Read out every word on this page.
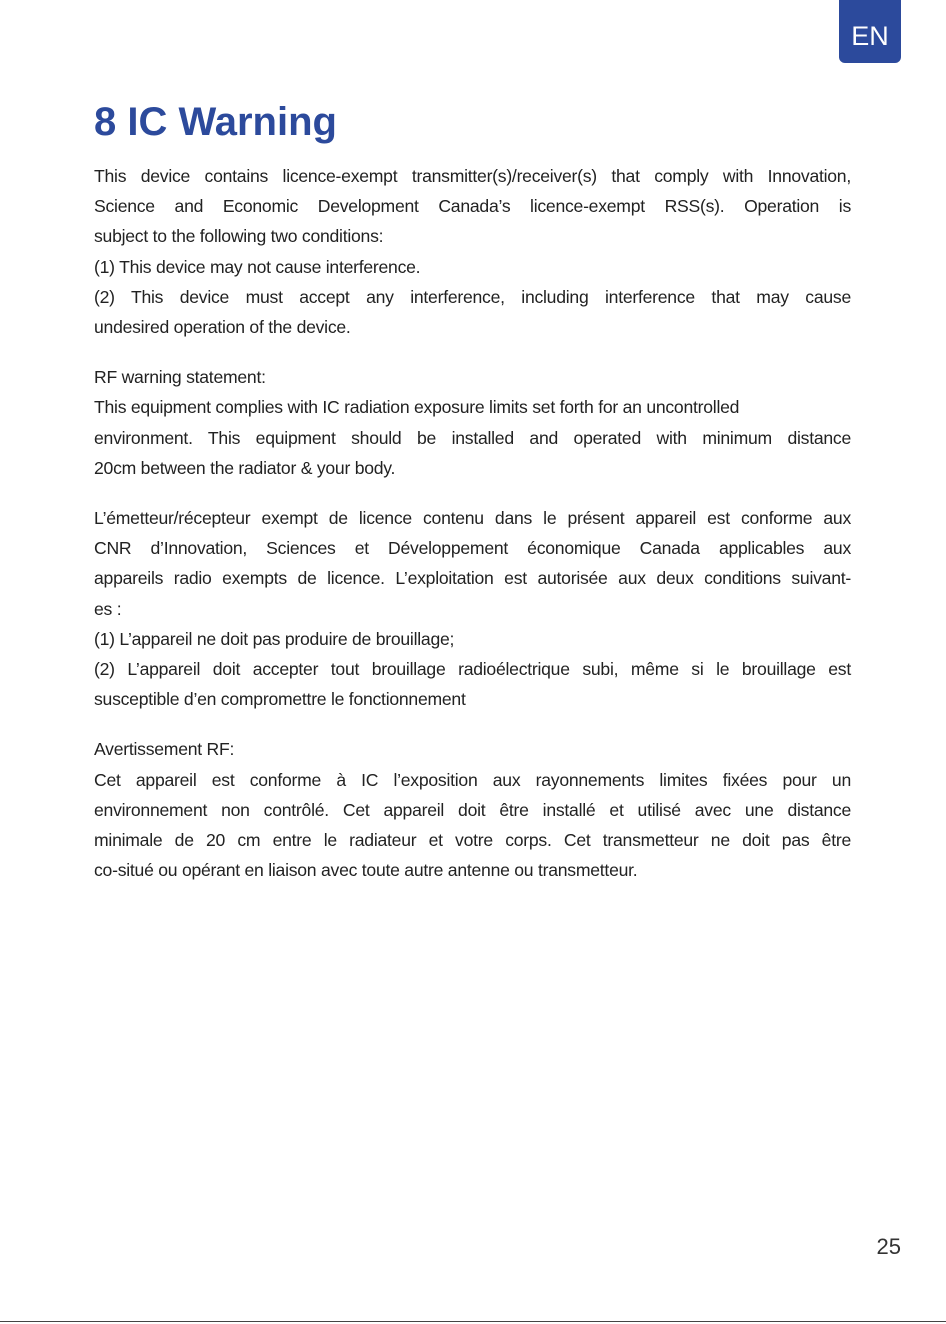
EN
8 IC Warning

This device contains licence-exempt transmitter(s)/receiver(s) that comply with Innovation,
Science and Economic Development Canada’s licence-exempt RSS(s). Operation is
subject to the following two conditions:
(1) This device may not cause interference.
(2) This device must accept any interference, including interference that may cause
undesired operation of the device.

RF warning statement:
This equipment complies with IC radiation exposure limits set forth for an uncontrolled
environment. This equipment should be installed and operated with minimum distance
20cm between the radiator & your body.

L’émetteur/récepteur exempt de licence contenu dans le présent appareil est conforme aux
CNR d’Innovation, Sciences et Développement économique Canada applicables aux
appareils radio exempts de licence. L’exploitation est autorisée aux deux conditions suivant-
es :
(1) L’appareil ne doit pas produire de brouillage;
(2) L’appareil doit accepter tout brouillage radioélectrique subi, même si le brouillage est
susceptible d’en compromettre le fonctionnement

Avertissement RF:
Cet appareil est conforme à IC l’exposition aux rayonnements limites fixées pour un
environnement non contrôlé. Cet appareil doit être installé et utilisé avec une distance
minimale de 20 cm entre le radiateur et votre corps. Cet transmetteur ne doit pas être
co-situé ou opérant en liaison avec toute autre antenne ou transmetteur.

25
